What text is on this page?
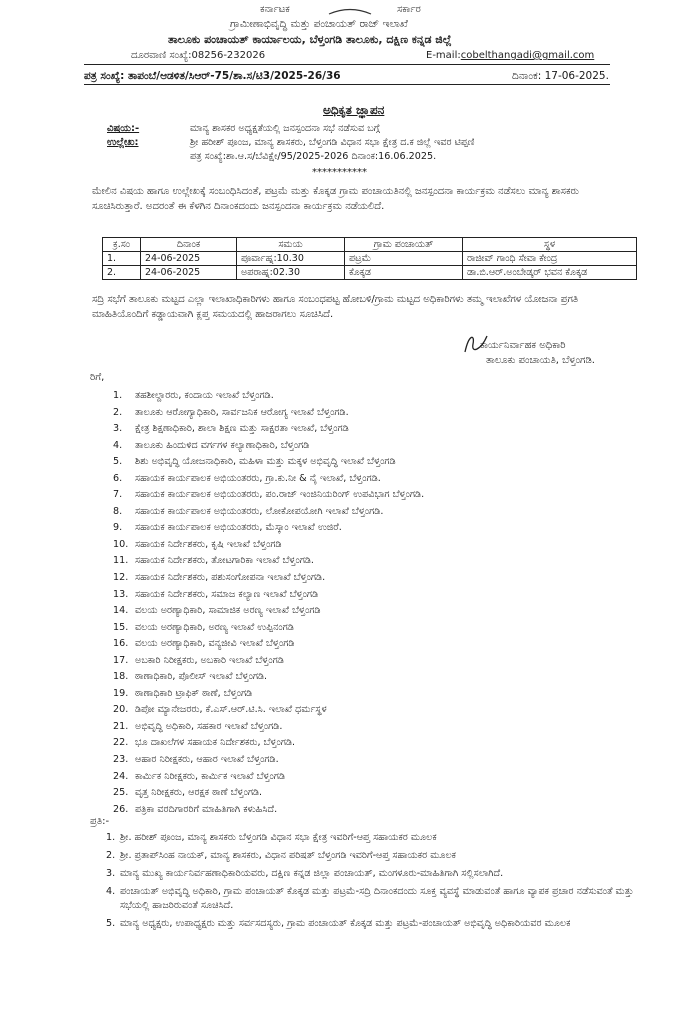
ಕರ್ನಾಟಕ	ಸರ್ಕಾರ
ಗ್ರಾಮೀಣಾಭಿವೃದ್ಧಿ ಮತ್ತು ಪಂಚಾಯತ್ ರಾಜ್ ಇಲಾಖೆ
ತಾಲೂಕು ಪಂಚಾಯತ್ ಕಾರ್ಯಾಲಯ, ಬೆಳ್ತಂಗಡಿ ತಾಲೂಕು, ದಕ್ಷಿಣ ಕನ್ನಡ ಜಿಲ್ಲೆ
ದೂರವಾಣಿ ಸಂಖ್ಯೆ:08256-232026	E-mail:cobelthangadi@gmail.com
ಪತ್ರ ಸಂಖ್ಯೆ: ತಾಪಂಬೆ/ಆಡಳಿತ/ಸಿಆರ್-75/ಶಾ.ಸ/ಟಿ3/2025-26/36	ದಿನಾಂಕ: 17-06-2025.
ಅಧಿಕೃತ ಜ್ಞಾಪನ
ವಿಷಯ:-	ಮಾನ್ಯ ಶಾಸಕರ ಅಧ್ಯಕ್ಷತೆಯಲ್ಲಿ ಜನಸ್ಪಂದನಾ ಸಭೆ ನಡೆಸುವ ಬಗ್ಗೆ
ಉಲ್ಲೇಖ:	ಶ್ರೀ ಹರೀಶ್ ಪೂಂಜ, ಮಾನ್ಯ ಶಾಸಕರು, ಬೆಳ್ತಂಗಡಿ ವಿಧಾನ ಸಭಾ ಕ್ಷೇತ್ರ ದ.ಕ ಜಿಲ್ಲೆ ಇವರ ಟಿಪ್ಪಣಿ
ಪತ್ರ ಸಂಖ್ಯೆ:ಶಾ.ಆ.ಸ/ಬೆವಿಕ್ಷೇ/95/2025-2026 ದಿನಾಂಕ:16.06.2025.
***********
ಮೇಲಿನ ವಿಷಯ ಹಾಗೂ ಉಲ್ಲೇಖಕ್ಕೆ ಸಂಬಂಧಿಸಿದಂತೆ, ಪಟ್ರಮೆ ಮತ್ತು ಕೊಕ್ಕಡ ಗ್ರಾಮ ಪಂಚಾಯತಿನಲ್ಲಿ ಜನಸ್ಪಂದನಾ ಕಾರ್ಯಕ್ರಮ ನಡೆಸಲು ಮಾನ್ಯ ಶಾಸಕರು ಸೂಚಿಸಿರುತ್ತಾರೆ. ಅದರಂತೆ ಈ ಕೆಳಗಿನ ದಿನಾಂಕದಂದು ಜನಸ್ಪಂದನಾ ಕಾರ್ಯಕ್ರಮ ನಡೆಯಲಿದೆ.
ಕ್ರ.ಸಂ	ದಿನಾಂಕ	ಸಮಯ	ಗ್ರಾಮ ಪಂಚಾಯತ್	ಸ್ಥಳ
1.	24-06-2025	ಪೂರ್ವಾಹ್ನ:10.30	ಪಟ್ರಮೆ	ರಾಜೀವ್ ಗಾಂಧಿ ಸೇವಾ ಕೇಂದ್ರ
2.	24-06-2025	ಅಪರಾಹ್ನ:02.30	ಕೊಕ್ಕಡ	ಡಾ.ಬಿ.ಆರ್.ಅಂಬೇಡ್ಕರ್ ಭವನ ಕೊಕ್ಕಡ
ಸದ್ರಿ ಸಭೆಗೆ ತಾಲೂಕು ಮಟ್ಟದ ಎಲ್ಲಾ ಇಲಾಖಾಧಿಕಾರಿಗಳು ಹಾಗೂ ಸಂಬಂಧಪಟ್ಟ ಹೋಬಳಿ/ಗ್ರಾಮ ಮಟ್ಟದ ಅಧಿಕಾರಿಗಳು ತಮ್ಮ ಇಲಾಖೆಗಳ ಯೋಜನಾ ಪ್ರಗತಿ ಮಾಹಿತಿಯೊಂದಿಗೆ ಕಡ್ಡಾಯವಾಗಿ ಕ್ಲಪ್ತ ಸಮಯದಲ್ಲಿ ಹಾಜರಾಗಲು ಸೂಚಿಸಿದೆ.
ಕಾರ್ಯನಿರ್ವಾಹಕ ಅಧಿಕಾರಿ
ತಾಲೂಕು ಪಂಚಾಯತಿ, ಬೆಳ್ತಂಗಡಿ.
ರಿಗೆ,
1. ತಹಶೀಲ್ದಾರರು, ಕಂದಾಯ ಇಲಾಖೆ ಬೆಳ್ತಂಗಡಿ.
2. ತಾಲೂಕು ಆರೋಗ್ಯಾಧಿಕಾರಿ, ಸಾರ್ವಜನಿಕ ಆರೋಗ್ಯ ಇಲಾಖೆ ಬೆಳ್ತಂಗಡಿ.
3. ಕ್ಷೇತ್ರ ಶಿಕ್ಷಣಾಧಿಕಾರಿ, ಶಾಲಾ ಶಿಕ್ಷಣ ಮತ್ತು ಸಾಕ್ಷರತಾ ಇಲಾಖೆ, ಬೆಳ್ತಂಗಡಿ
4. ತಾಲೂಕು ಹಿಂದುಳಿದ ವರ್ಗಗಳ ಕಲ್ಯಾಣಾಧಿಕಾರಿ, ಬೆಳ್ತಂಗಡಿ
5. ಶಿಶು ಅಭಿವೃದ್ಧಿ ಯೋಜನಾಧಿಕಾರಿ, ಮಹಿಳಾ ಮತ್ತು ಮಕ್ಕಳ ಅಭಿವೃದ್ಧಿ ಇಲಾಖೆ ಬೆಳ್ತಂಗಡಿ
6. ಸಹಾಯಕ ಕಾರ್ಯಪಾಲಕ ಅಭಿಯಂತರರು, ಗ್ರಾ.ಕು.ನೀ & ನೈ ಇಲಾಖೆ, ಬೆಳ್ತಂಗಡಿ.
7. ಸಹಾಯಕ ಕಾರ್ಯಪಾಲಕ ಅಭಿಯಂತರರು, ಪಂ.ರಾಜ್ ಇಂಜಿನಿಯರಿಂಗ್ ಉಪವಿಭಾಗ ಬೆಳ್ತಂಗಡಿ.
8. ಸಹಾಯಕ ಕಾರ್ಯಪಾಲಕ ಅಭಿಯಂತರರು, ಲೋಕೋಪಯೋಗಿ ಇಲಾಖೆ ಬೆಳ್ತಂಗಡಿ.
9. ಸಹಾಯಕ ಕಾರ್ಯಪಾಲಕ ಅಭಿಯಂತರರು, ಮೆಸ್ಕಾಂ ಇಲಾಖೆ ಉಜಿರೆ.
10. ಸಹಾಯಕ ನಿರ್ದೇಶಕರು, ಕೃಷಿ ಇಲಾಖೆ ಬೆಳ್ತಂಗಡಿ
11. ಸಹಾಯಕ ನಿರ್ದೇಶಕರು, ತೋಟಗಾರಿಕಾ ಇಲಾಖೆ ಬೆಳ್ತಂಗಡಿ.
12. ಸಹಾಯಕ ನಿರ್ದೇಶಕರು, ಪಶುಸಂಗೋಪನಾ ಇಲಾಖೆ ಬೆಳ್ತಂಗಡಿ.
13. ಸಹಾಯಕ ನಿರ್ದೇಶಕರು, ಸಮಾಜ ಕಲ್ಯಾಣ ಇಲಾಖೆ ಬೆಳ್ತಂಗಡಿ
14. ವಲಯ ಅರಣ್ಯಾಧಿಕಾರಿ, ಸಾಮಾಜಿಕ ಅರಣ್ಯ ಇಲಾಖೆ ಬೆಳ್ತಂಗಡಿ
15. ವಲಯ ಅರಣ್ಯಾಧಿಕಾರಿ, ಅರಣ್ಯ ಇಲಾಖೆ ಉಪ್ಪಿನಂಗಡಿ
16. ವಲಯ ಅರಣ್ಯಾಧಿಕಾರಿ, ವನ್ಯಜೀವಿ ಇಲಾಖೆ ಬೆಳ್ತಂಗಡಿ
17. ಅಬಕಾರಿ ನಿರೀಕ್ಷಕರು, ಅಬಕಾರಿ ಇಲಾಖೆ ಬೆಳ್ತಂಗಡಿ
18. ಠಾಣಾಧಿಕಾರಿ, ಪೊಲೀಸ್ ಇಲಾಖೆ ಬೆಳ್ತಂಗಡಿ.
19. ಠಾಣಾಧಿಕಾರಿ ಟ್ರಾಫಿಕ್ ಠಾಣೆ, ಬೆಳ್ತಂಗಡಿ
20. ಡಿಪೋ ಮ್ಯಾನೇಜರರು, ಕೆ.ಎಸ್.ಆರ್.ಟಿ.ಸಿ. ಇಲಾಖೆ ಧರ್ಮಸ್ಥಳ
21. ಅಭಿವೃದ್ಧಿ ಅಧಿಕಾರಿ, ಸಹಕಾರ ಇಲಾಖೆ ಬೆಳ್ತಂಗಡಿ.
22. ಭೂ ದಾಖಲೆಗಳ ಸಹಾಯಕ ನಿರ್ದೇಶಕರು, ಬೆಳ್ತಂಗಡಿ.
23. ಆಹಾರ ನಿರೀಕ್ಷಕರು, ಆಹಾರ ಇಲಾಖೆ ಬೆಳ್ತಂಗಡಿ.
24. ಕಾರ್ಮಿಕ ನಿರೀಕ್ಷಕರು, ಕಾರ್ಮಿಕ ಇಲಾಖೆ ಬೆಳ್ತಂಗಡಿ
25. ವೃತ್ತ ನಿರೀಕ್ಷಕರು, ಆರಕ್ಷಕ ಠಾಣೆ ಬೆಳ್ತಂಗಡಿ.
26. ಪತ್ರಿಕಾ ವರದಿಗಾರರಿಗೆ ಮಾಹಿತಿಗಾಗಿ ಕಳುಹಿಸಿದೆ.
ಪ್ರತಿ:-
1. ಶ್ರೀ. ಹರೀಶ್ ಪೂಂಜ, ಮಾನ್ಯ ಶಾಸಕರು ಬೆಳ್ತಂಗಡಿ ವಿಧಾನ ಸಭಾ ಕ್ಷೇತ್ರ ಇವರಿಗೆ-ಆಪ್ತ ಸಹಾಯಕರ ಮೂಲಕ
2. ಶ್ರೀ. ಪ್ರತಾಪ್‌ಸಿಂಹ ನಾಯಕ್, ಮಾನ್ಯ ಶಾಸಕರು, ವಿಧಾನ ಪರಿಷತ್ ಬೆಳ್ತಂಗಡಿ ಇವರಿಗೆ-ಆಪ್ತ ಸಹಾಯಕರ ಮೂಲಕ
3. ಮಾನ್ಯ ಮುಖ್ಯ ಕಾರ್ಯನಿರ್ವಹಣಾಧಿಕಾರಿಯವರು, ದಕ್ಷಿಣ ಕನ್ನಡ ಜಿಲ್ಲಾ ಪಂಚಾಯತ್, ಮಂಗಳೂರು-ಮಾಹಿತಿಗಾಗಿ ಸಲ್ಲಿಸಲಾಗಿದೆ.
4. ಪಂಚಾಯತ್ ಅಭಿವೃದ್ಧಿ ಅಧಿಕಾರಿ, ಗ್ರಾಮ ಪಂಚಾಯತ್ ಕೊಕ್ಕಡ ಮತ್ತು ಪಟ್ರಮೆ-ಸದ್ರಿ ದಿನಾಂಕದಂದು ಸೂಕ್ತ ವ್ಯವಸ್ಥೆ ಮಾಡುವಂತೆ ಹಾಗೂ ವ್ಯಾಪಕ ಪ್ರಚಾರ ನಡೆಸುವಂತೆ ಮತ್ತು ಸಭೆಯಲ್ಲಿ ಹಾಜರಿರುವಂತೆ ಸೂಚಿಸಿದೆ.
5. ಮಾನ್ಯ ಅಧ್ಯಕ್ಷರು, ಉಪಾಧ್ಯಕ್ಷರು ಮತ್ತು ಸರ್ವಸದಸ್ಯರು, ಗ್ರಾಮ ಪಂಚಾಯತ್ ಕೊಕ್ಕಡ ಮತ್ತು ಪಟ್ರಮೆ-ಪಂಚಾಯತ್ ಅಭಿವೃದ್ಧಿ ಅಧಿಕಾರಿಯವರ ಮೂಲಕ
